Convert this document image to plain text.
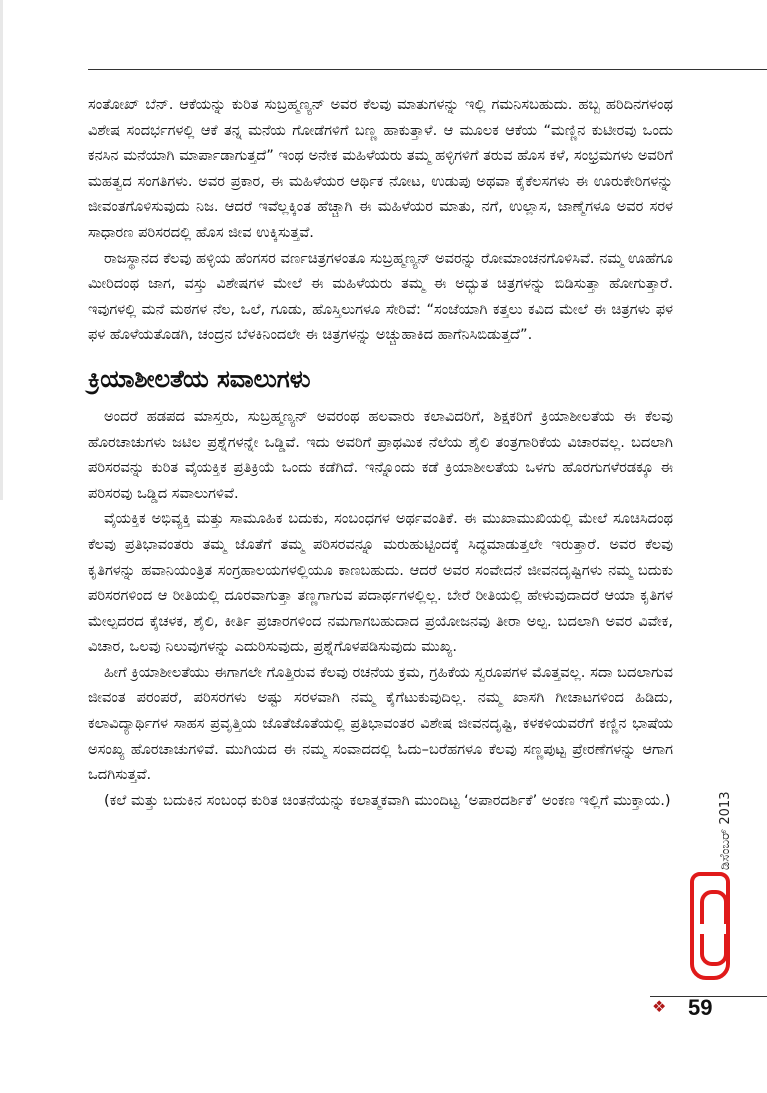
ಸಂತೋಖ್ ಬೆನ್. ಆಕೆಯನ್ನು ಕುರಿತ ಸುಬ್ರಹ್ಮಣ್ಯನ್ ಅವರ ಕೆಲವು ಮಾತುಗಳನ್ನು ಇಲ್ಲಿ ಗಮನಿಸಬಹುದು. ಹಬ್ಬ ಹರಿದಿನಗಳಂಥ ವಿಶೇಷ ಸಂದರ್ಭಗಳಲ್ಲಿ ಆಕೆ ತನ್ನ ಮನೆಯ ಗೋಡೆಗಳಿಗೆ ಬಣ್ಣ ಹಾಕುತ್ತಾಳೆ. ಆ ಮೂಲಕ ಆಕೆಯ “ಮಣ್ಣಿನ ಕುಟೀರವು ಒಂದು ಕನಸಿನ ಮನೆಯಾಗಿ ಮಾರ್ಪಾಡಾಗುತ್ತದೆ” ಇಂಥ ಅನೇಕ ಮಹಿಳೆಯರು ತಮ್ಮ ಹಳ್ಳಿಗಳಿಗೆ ತರುವ ಹೊಸ ಕಳೆ, ಸಂಭ್ರಮಗಳು ಅವರಿಗೆ ಮಹತ್ವದ ಸಂಗತಿಗಳು. ಅವರ ಪ್ರಕಾರ, ಈ ಮಹಿಳೆಯರ ಆರ್ಥಿಕ ನೋಟ, ಉಡುಪು ಅಥವಾ ಕೈಕೆಲಸಗಳು ಈ ಊರುಕೇರಿಗಳನ್ನು ಜೀವಂತಗೊಳಿಸುವುದು ನಿಜ. ಆದರೆ ಇವೆಲ್ಲಕ್ಕಿಂತ ಹೆಚ್ಚಾಗಿ ಈ ಮಹಿಳೆಯರ ಮಾತು, ನಗೆ, ಉಲ್ಲಾಸ, ಜಾಣ್ಮೆಗಳೂ ಅವರ ಸರಳ ಸಾಧಾರಣ ಪರಿಸರದಲ್ಲಿ ಹೊಸ ಜೀವ ಉಕ್ಕಿಸುತ್ತವೆ.

ರಾಜಸ್ಥಾನದ ಕೆಲವು ಹಳ್ಳಿಯ ಹೆಂಗಸರ ವರ್ಣಚಿತ್ರಗಳಂತೂ ಸುಬ್ರಹ್ಮಣ್ಯನ್ ಅವರನ್ನು ರೋಮಾಂಚನಗೊಳಿಸಿವೆ. ನಮ್ಮ ಊಹೆಗೂ ಮೀರಿದಂಥ ಜಾಗ, ವಸ್ತು ವಿಶೇಷಗಳ ಮೇಲೆ ಈ ಮಹಿಳೆಯರು ತಮ್ಮ ಈ ಅದ್ಭುತ ಚಿತ್ರಗಳನ್ನು ಬಿಡಿಸುತ್ತಾ ಹೋಗುತ್ತಾರೆ. ಇವುಗಳಲ್ಲಿ ಮನೆ ಮಠಗಳ ನೆಲ, ಒಲೆ, ಗೂಡು, ಹೊಸ್ತಿಲುಗಳೂ ಸೇರಿವೆ: “ಸಂಜೆಯಾಗಿ ಕತ್ತಲು ಕವಿದ ಮೇಲೆ ಈ ಚಿತ್ರಗಳು ಫಳ ಫಳ ಹೊಳೆಯತೊಡಗಿ, ಚಂದ್ರನ ಬೆಳಕಿನಿಂದಲೇ ಈ ಚಿತ್ರಗಳನ್ನು ಅಚ್ಚುಹಾಕಿದ ಹಾಗೆನಿಸಿಬಿಡುತ್ತದೆ”.

ಕ್ರಿಯಾಶೀಲತೆಯ ಸವಾಲುಗಳು

ಅಂದರೆ ಹಡಪದ ಮಾಸ್ತರು, ಸುಬ್ರಹ್ಮಣ್ಯನ್ ಅವರಂಥ ಹಲವಾರು ಕಲಾವಿದರಿಗೆ, ಶಿಕ್ಷಕರಿಗೆ ಕ್ರಿಯಾಶೀಲತೆಯ ಈ ಕೆಲವು ಹೊರಚಾಚುಗಳು ಜಟಿಲ ಪ್ರಶ್ನೆಗಳನ್ನೇ ಒಡ್ಡಿವೆ. ಇದು ಅವರಿಗೆ ಪ್ರಾಥಮಿಕ ನೆಲೆಯ ಶೈಲಿ ತಂತ್ರಗಾರಿಕೆಯ ವಿಚಾರವಲ್ಲ. ಬದಲಾಗಿ ಪರಿಸರವನ್ನು ಕುರಿತ ವೈಯಕ್ತಿಕ ಪ್ರತಿಕ್ರಿಯೆ ಒಂದು ಕಡೆಗಿದೆ. ಇನ್ನೊಂದು ಕಡೆ ಕ್ರಿಯಾಶೀಲತೆಯ ಒಳಗು ಹೊರಗುಗಳೆರಡಕ್ಕೂ ಈ ಪರಿಸರವು ಒಡ್ಡಿದ ಸವಾಲುಗಳಿವೆ.

ವೈಯಕ್ತಿಕ ಅಭಿವ್ಯಕ್ತಿ ಮತ್ತು ಸಾಮೂಹಿಕ ಬದುಕು, ಸಂಬಂಧಗಳ ಅರ್ಥವಂತಿಕೆ. ಈ ಮುಖಾಮುಖಿಯಲ್ಲಿ ಮೇಲೆ ಸೂಚಿಸಿದಂಥ ಕೆಲವು ಪ್ರತಿಭಾವಂತರು ತಮ್ಮ ಜೊತೆಗೆ ತಮ್ಮ ಪರಿಸರವನ್ನೂ ಮರುಹುಟ್ಟಿಂದಕ್ಕೆ ಸಿದ್ಧಮಾಡುತ್ತಲೇ ಇರುತ್ತಾರೆ. ಅವರ ಕೆಲವು ಕೃತಿಗಳನ್ನು ಹವಾನಿಯಂತ್ರಿತ ಸಂಗ್ರಹಾಲಯಗಳಲ್ಲಿಯೂ ಕಾಣಬಹುದು. ಆದರೆ ಅವರ ಸಂವೇದನೆ ಜೀವನದೃಷ್ಟಿಗಳು ನಮ್ಮ ಬದುಕು ಪರಿಸರಗಳಿಂದ ಆ ರೀತಿಯಲ್ಲಿ ದೂರವಾಗುತ್ತಾ ತಣ್ಣಗಾಗುವ ಪದಾರ್ಥಗಳಲ್ಲಿಲ್ಲ. ಬೇರೆ ರೀತಿಯಲ್ಲಿ ಹೇಳುವುದಾದರೆ ಆಯಾ ಕೃತಿಗಳ ಮೇಲ್ಪದರದ ಕೈಚಳಕ, ಶೈಲಿ, ಕೀರ್ತಿ ಪ್ರಚಾರಗಳಿಂದ ನಮಗಾಗಬಹುದಾದ ಪ್ರಯೋಜನವು ತೀರಾ ಅಲ್ಪ. ಬದಲಾಗಿ ಅವರ ವಿವೇಕ, ವಿಚಾರ, ಒಲವು ನಿಲುವುಗಳನ್ನು ಎದುರಿಸುವುದು, ಪ್ರಶ್ನೆಗೊಳಪಡಿಸುವುದು ಮುಖ್ಯ.

ಹೀಗೆ ಕ್ರಿಯಾಶೀಲತೆಯು ಈಗಾಗಲೇ ಗೊತ್ತಿರುವ ಕೆಲವು ರಚನೆಯ ಕ್ರಮ, ಗ್ರಹಿಕೆಯ ಸ್ವರೂಪಗಳ ಮೊತ್ತವಲ್ಲ. ಸದಾ ಬದಲಾಗುವ ಜೀವಂತ ಪರಂಪರೆ, ಪರಿಸರಗಳು ಅಷ್ಟು ಸರಳವಾಗಿ ನಮ್ಮ ಕೈಗೆಟುಕುವುದಿಲ್ಲ. ನಮ್ಮ ಖಾಸಗಿ ಗೀಚಾಟಗಳಿಂದ ಹಿಡಿದು, ಕಲಾವಿದ್ಯಾರ್ಥಿಗಳ ಸಾಹಸ ಪ್ರವೃತ್ತಿಯ ಜೊತೆಜೊತೆಯಲ್ಲಿ ಪ್ರತಿಭಾವಂತರ ವಿಶೇಷ ಜೀವನದೃಷ್ಟಿ, ಕಳಕಳಿಯವರೆಗೆ ಕಣ್ಣಿನ ಭಾಷೆಯ ಅಸಂಖ್ಯ ಹೊರಚಾಚುಗಳಿವೆ. ಮುಗಿಯದ ಈ ನಮ್ಮ ಸಂವಾದದಲ್ಲಿ ಓದು–ಬರೆಹಗಳೂ ಕೆಲವು ಸಣ್ಣಪುಟ್ಟ ಪ್ರೇರಣೆಗಳನ್ನು ಆಗಾಗ ಒದಗಿಸುತ್ತವೆ.

(ಕಲೆ ಮತ್ತು ಬದುಕಿನ ಸಂಬಂಧ ಕುರಿತ ಚಿಂತನೆಯನ್ನು ಕಲಾತ್ಮಕವಾಗಿ ಮುಂದಿಟ್ಟ ‘ಅಪಾರದರ್ಶಿಕೆ’ ಅಂಕಣ ಇಲ್ಲಿಗೆ ಮುಕ್ತಾಯ.)	ಡಿಸೆಂಬರ್ 2013
❖ 59
